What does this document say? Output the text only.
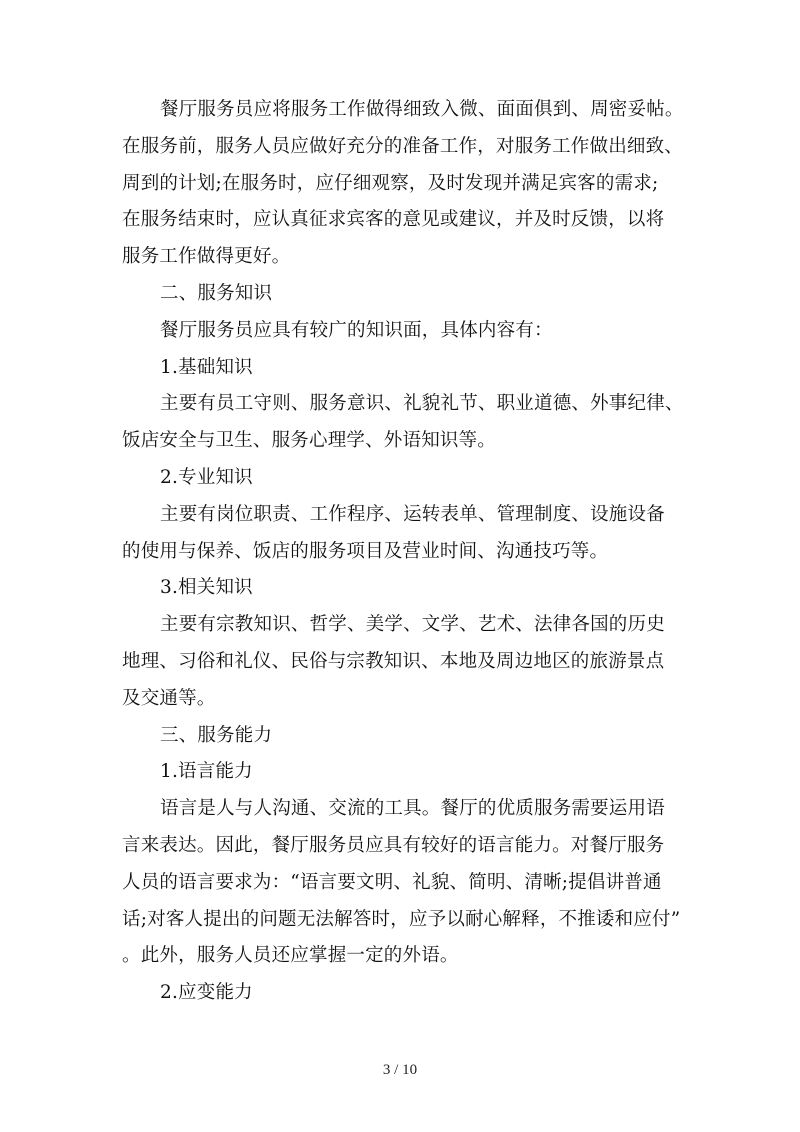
餐厅服务员应将服务工作做得细致入微、面面俱到、周密妥帖。
在服务前，服务人员应做好充分的准备工作，对服务工作做出细致、
周到的计划;在服务时，应仔细观察，及时发现并满足宾客的需求;
在服务结束时，应认真征求宾客的意见或建议，并及时反馈，以将
服务工作做得更好。
二、服务知识
餐厅服务员应具有较广的知识面，具体内容有：
1.基础知识
主要有员工守则、服务意识、礼貌礼节、职业道德、外事纪律、
饭店安全与卫生、服务心理学、外语知识等。
2.专业知识
主要有岗位职责、工作程序、运转表单、管理制度、设施设备
的使用与保养、饭店的服务项目及营业时间、沟通技巧等。
3.相关知识
主要有宗教知识、哲学、美学、文学、艺术、法律各国的历史
地理、习俗和礼仪、民俗与宗教知识、本地及周边地区的旅游景点
及交通等。
三、服务能力
1.语言能力
语言是人与人沟通、交流的工具。餐厅的优质服务需要运用语
言来表达。因此，餐厅服务员应具有较好的语言能力。对餐厅服务
人员的语言要求为：“语言要文明、礼貌、简明、清晰;提倡讲普通
话;对客人提出的问题无法解答时，应予以耐心解释，不推诿和应付”
。此外，服务人员还应掌握一定的外语。
2.应变能力
3 / 10
